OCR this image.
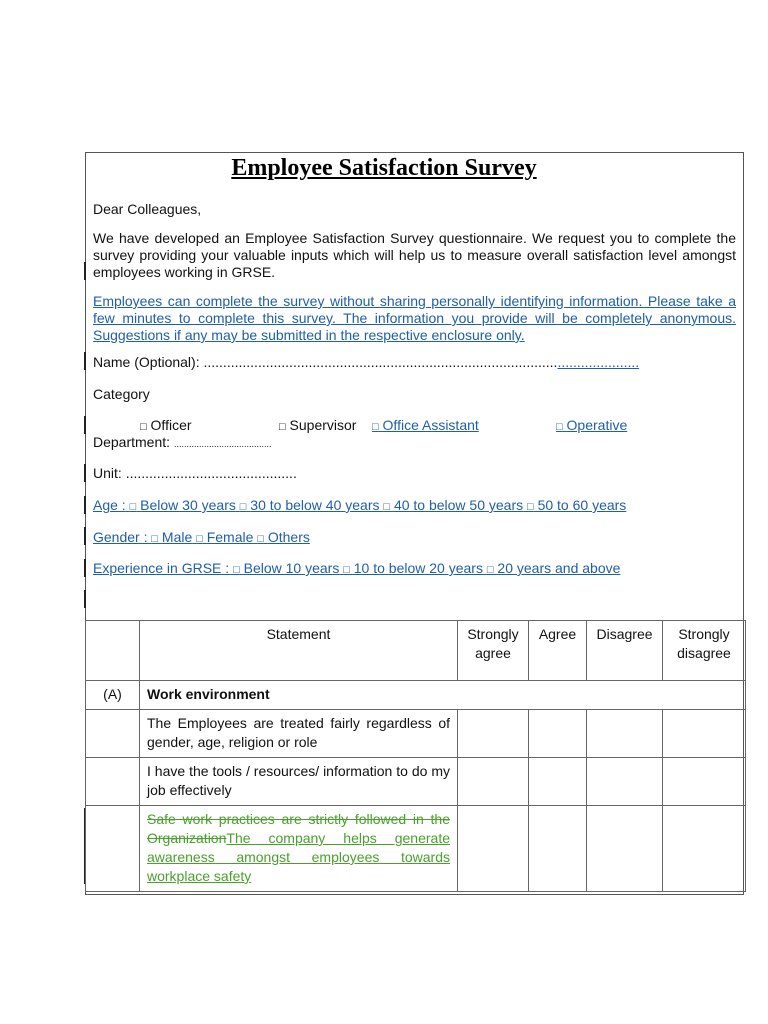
Employee Satisfaction Survey
Dear Colleagues,
We have developed an Employee Satisfaction Survey questionnaire. We request you to complete the survey providing your valuable inputs which will help us to measure overall satisfaction level amongst employees working in GRSE.
Employees can complete the survey without sharing personally identifying information. Please take a few minutes to complete this survey. The information you provide will be completely anonymous. Suggestions if any may be submitted in the respective enclosure only.
Name (Optional): ................................................................................................................
Category
□ Officer	□ Supervisor □ Office Assistant	□ Operative
Department: .......................................
Unit: ............................................
Age : □ Below 30 years □ 30 to below 40 years □ 40 to below 50 years □ 50 to 60 years
Gender : □ Male □ Female □ Others
Experience in GRSE : □ Below 10 years □ 10 to below 20 years □ 20 years and above
	Statement	Strongly agree	Agree	Disagree	Strongly disagree
(A)	Work environment				
	The Employees are treated fairly regardless of gender, age, religion or role				
	I have the tools / resources/ information to do my job effectively				
	Safe work practices are strictly followed in the OrganizationThe company helps generate awareness amongst employees towards workplace safety				
